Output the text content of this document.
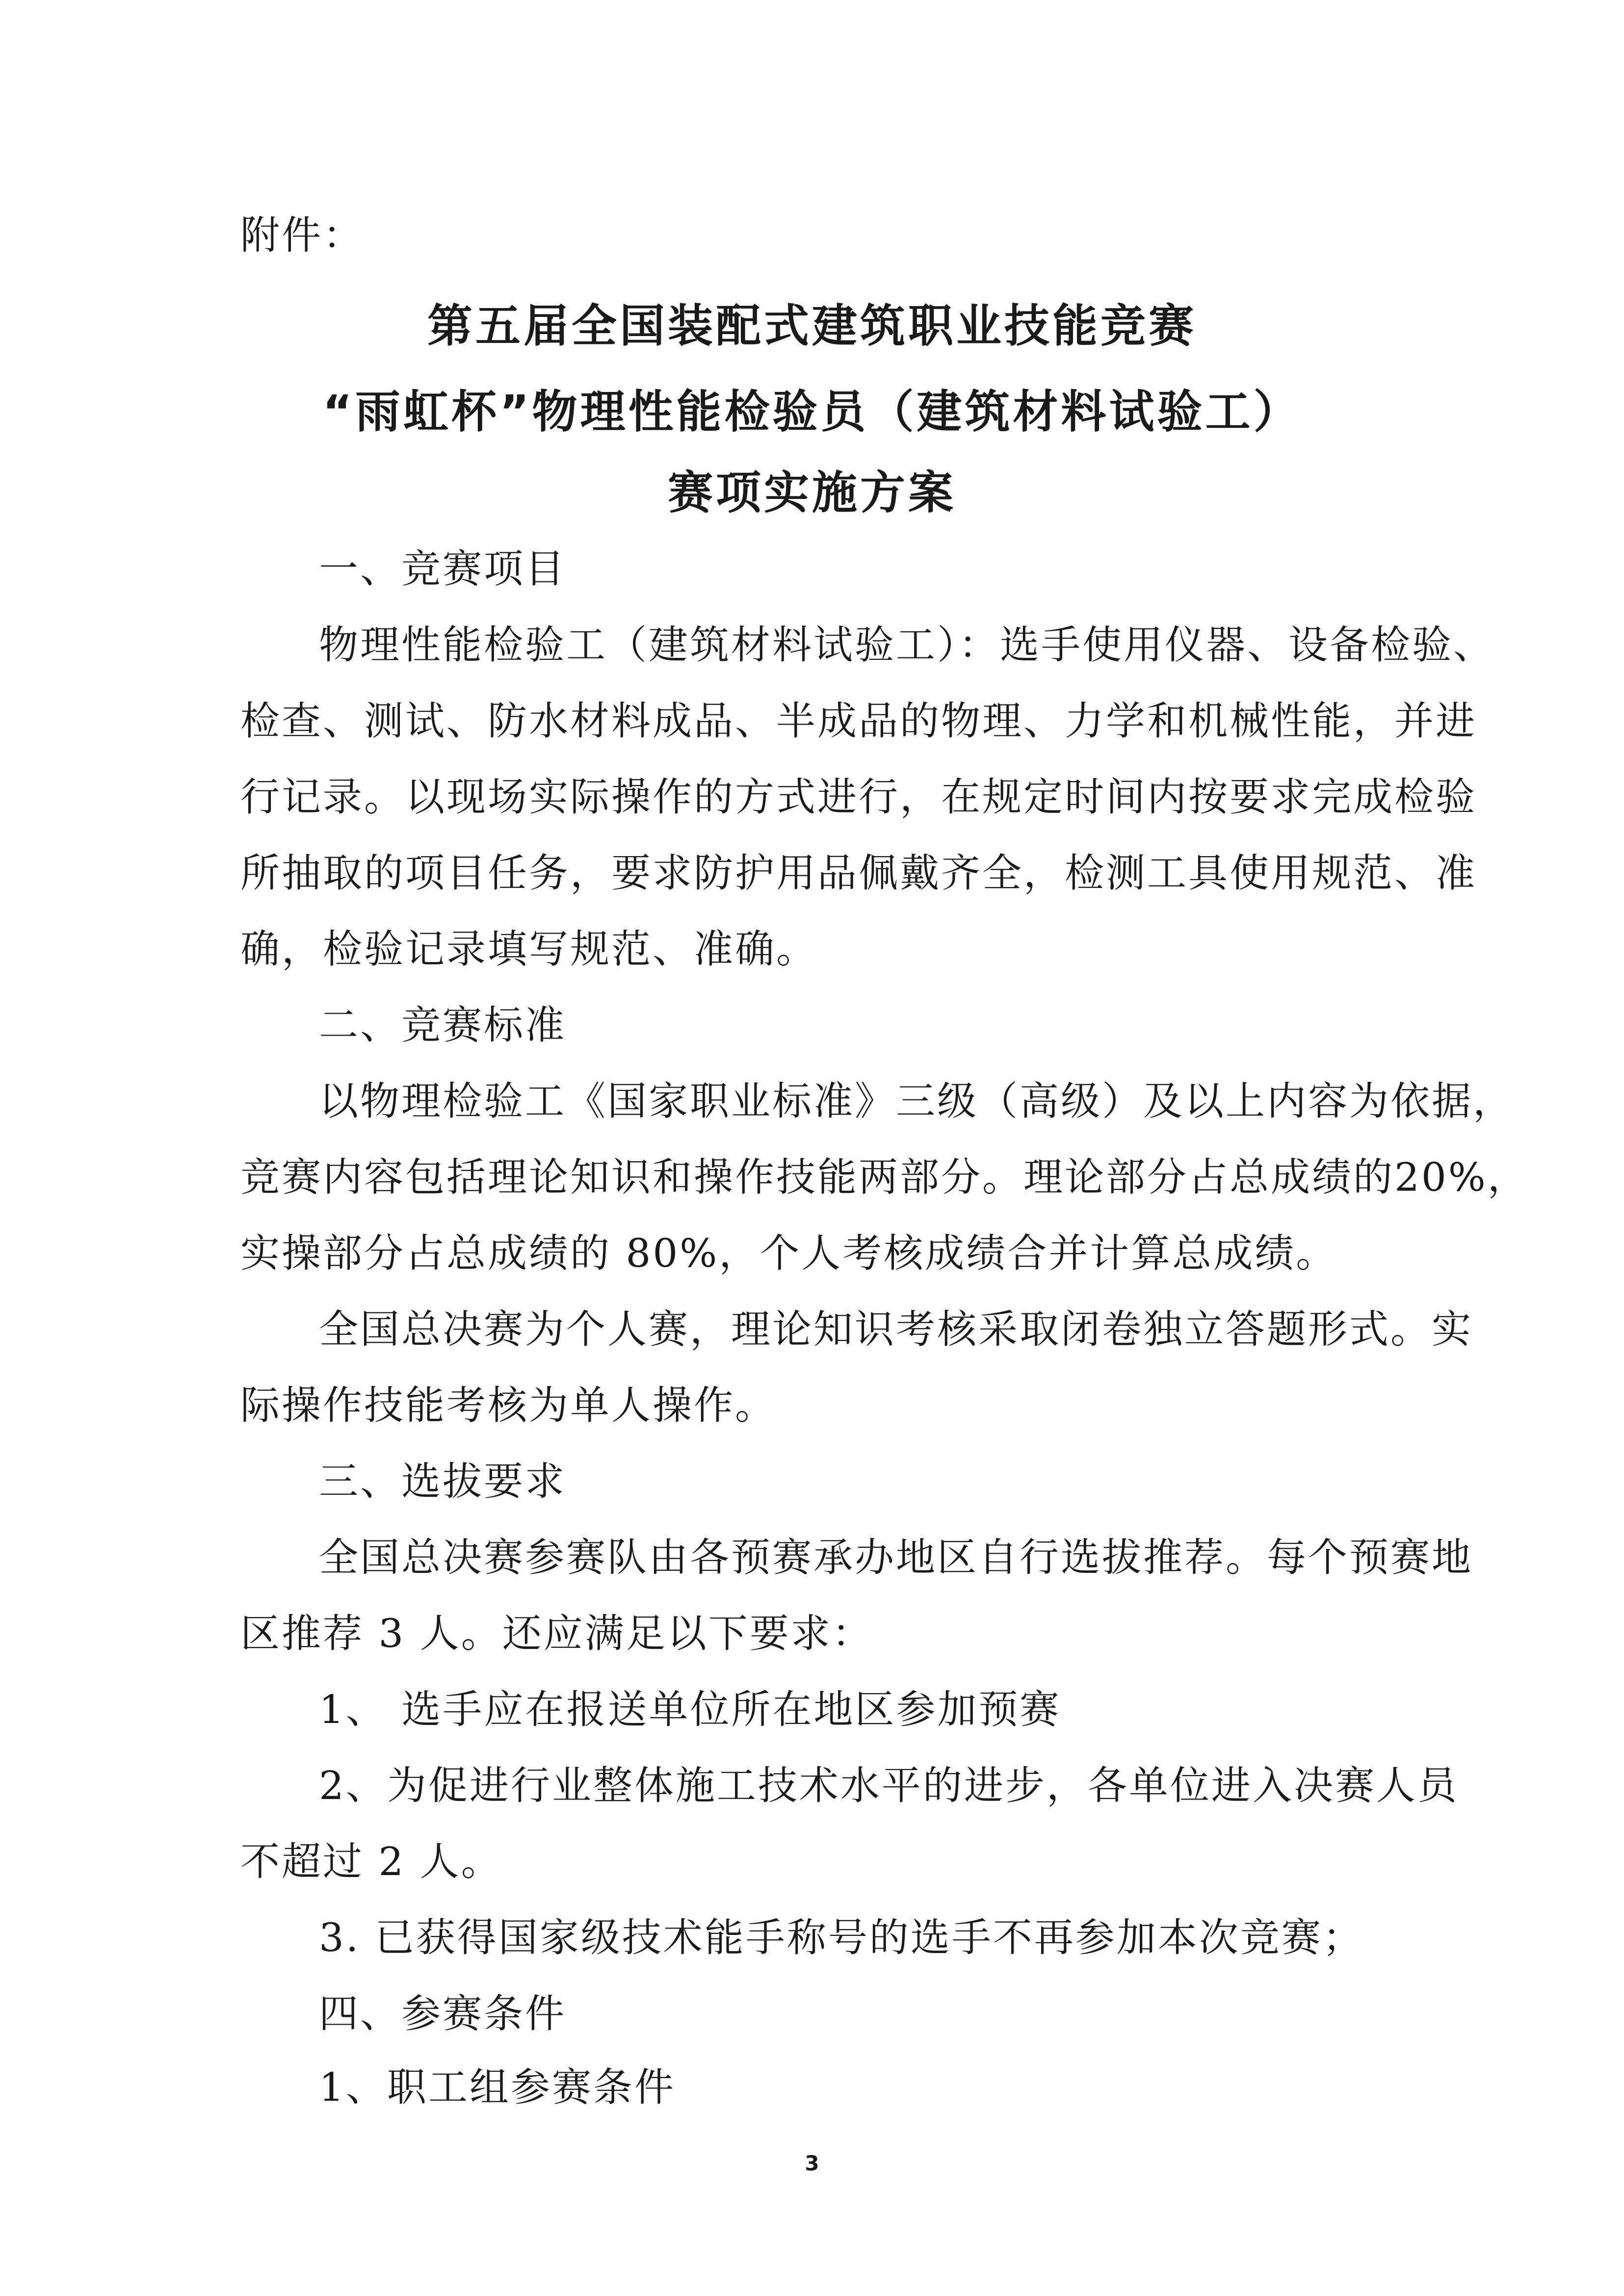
附件：
第五届全国装配式建筑职业技能竞赛
“雨虹杯”物理性能检验员（建筑材料试验工）
赛项实施方案
一、竞赛项目
物理性能检验工（建筑材料试验工）：选手使用仪器、设备检验、
检查、测试、防水材料成品、半成品的物理、力学和机械性能，并进
行记录。以现场实际操作的方式进行，在规定时间内按要求完成检验
所抽取的项目任务，要求防护用品佩戴齐全，检测工具使用规范、准
确，检验记录填写规范、准确。
二、竞赛标准
以物理检验工《国家职业标准》三级（高级）及以上内容为依据，
竞赛内容包括理论知识和操作技能两部分。理论部分占总成绩的20%，
实操部分占总成绩的 80%，个人考核成绩合并计算总成绩。
全国总决赛为个人赛，理论知识考核采取闭卷独立答题形式。实
际操作技能考核为单人操作。
三、选拔要求
全国总决赛参赛队由各预赛承办地区自行选拔推荐。每个预赛地
区推荐 3 人。还应满足以下要求：
1、 选手应在报送单位所在地区参加预赛
2、为促进行业整体施工技术水平的进步，各单位进入决赛人员
不超过 2 人。
3. 已获得国家级技术能手称号的选手不再参加本次竞赛；
四、参赛条件
1、职工组参赛条件
3
